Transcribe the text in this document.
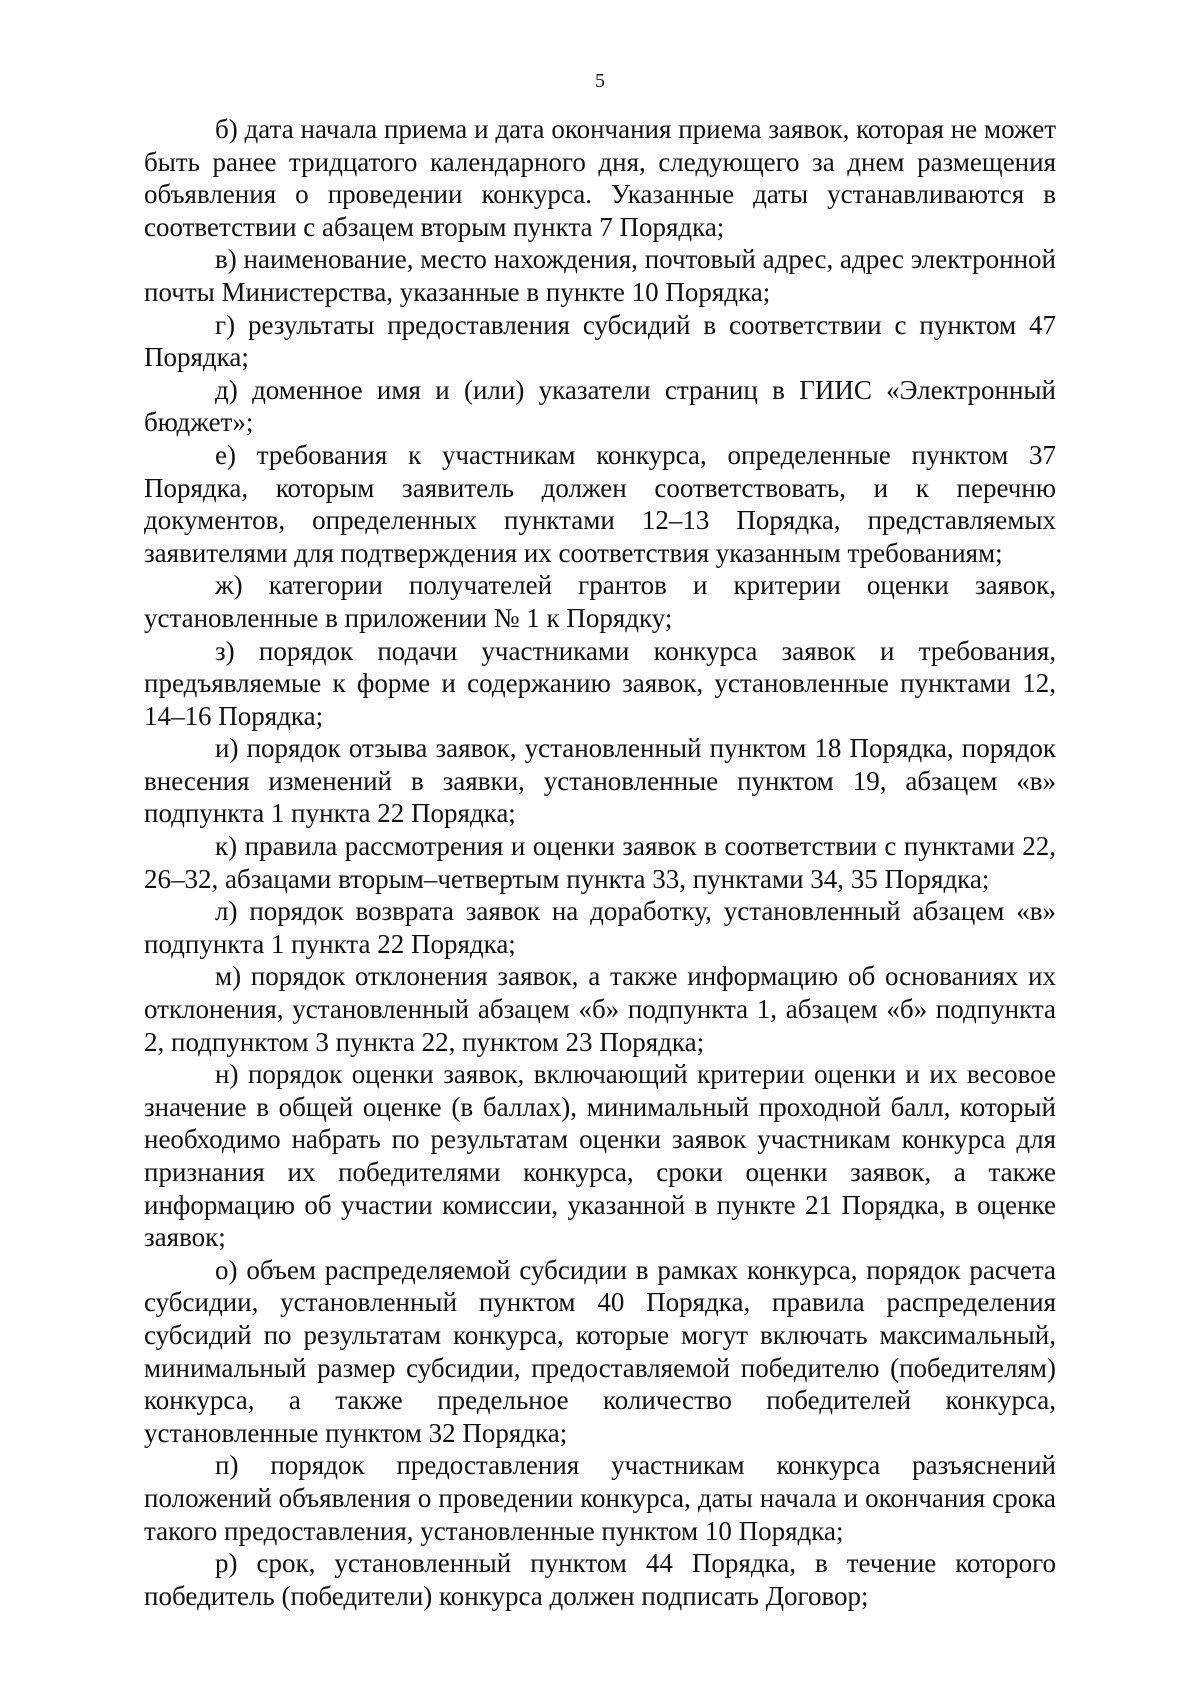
5

б) дата начала приема и дата окончания приема заявок, которая не может быть ранее тридцатого календарного дня, следующего за днем размещения объявления о проведении конкурса. Указанные даты устанавливаются в соответствии с абзацем вторым пункта 7 Порядка;

в) наименование, место нахождения, почтовый адрес, адрес электронной почты Министерства, указанные в пункте 10 Порядка;

г) результаты предоставления субсидий в соответствии с пунктом 47 Порядка;

д) доменное имя и (или) указатели страниц в ГИИС «Электронный бюджет»;

е) требования к участникам конкурса, определенные пунктом 37 Порядка, которым заявитель должен соответствовать, и к перечню документов, определенных пунктами 12–13 Порядка, представляемых заявителями для подтверждения их соответствия указанным требованиям;

ж) категории получателей грантов и критерии оценки заявок, установленные в приложении № 1 к Порядку;

з) порядок подачи участниками конкурса заявок и требования, предъявляемые к форме и содержанию заявок, установленные пунктами 12, 14–16 Порядка;

и) порядок отзыва заявок, установленный пунктом 18 Порядка, порядок внесения изменений в заявки, установленные пунктом 19, абзацем «в» подпункта 1 пункта 22 Порядка;

к) правила рассмотрения и оценки заявок в соответствии с пунктами 22, 26–32, абзацами вторым–четвертым пункта 33, пунктами 34, 35 Порядка;

л) порядок возврата заявок на доработку, установленный абзацем «в» подпункта 1 пункта 22 Порядка;

м) порядок отклонения заявок, а также информацию об основаниях их отклонения, установленный абзацем «б» подпункта 1, абзацем «б» подпункта 2, подпунктом 3 пункта 22, пунктом 23 Порядка;

н) порядок оценки заявок, включающий критерии оценки и их весовое значение в общей оценке (в баллах), минимальный проходной балл, который необходимо набрать по результатам оценки заявок участникам конкурса для признания их победителями конкурса, сроки оценки заявок, а также информацию об участии комиссии, указанной в пункте 21 Порядка, в оценке заявок;

о) объем распределяемой субсидии в рамках конкурса, порядок расчета субсидии, установленный пунктом 40 Порядка, правила распределения субсидий по результатам конкурса, которые могут включать максимальный, минимальный размер субсидии, предоставляемой победителю (победителям) конкурса, а также предельное количество победителей конкурса, установленные пунктом 32 Порядка;

п) порядок предоставления участникам конкурса разъяснений положений объявления о проведении конкурса, даты начала и окончания срока такого предоставления, установленные пунктом 10 Порядка;

р) срок, установленный пунктом 44 Порядка, в течение которого победитель (победители) конкурса должен подписать Договор;
